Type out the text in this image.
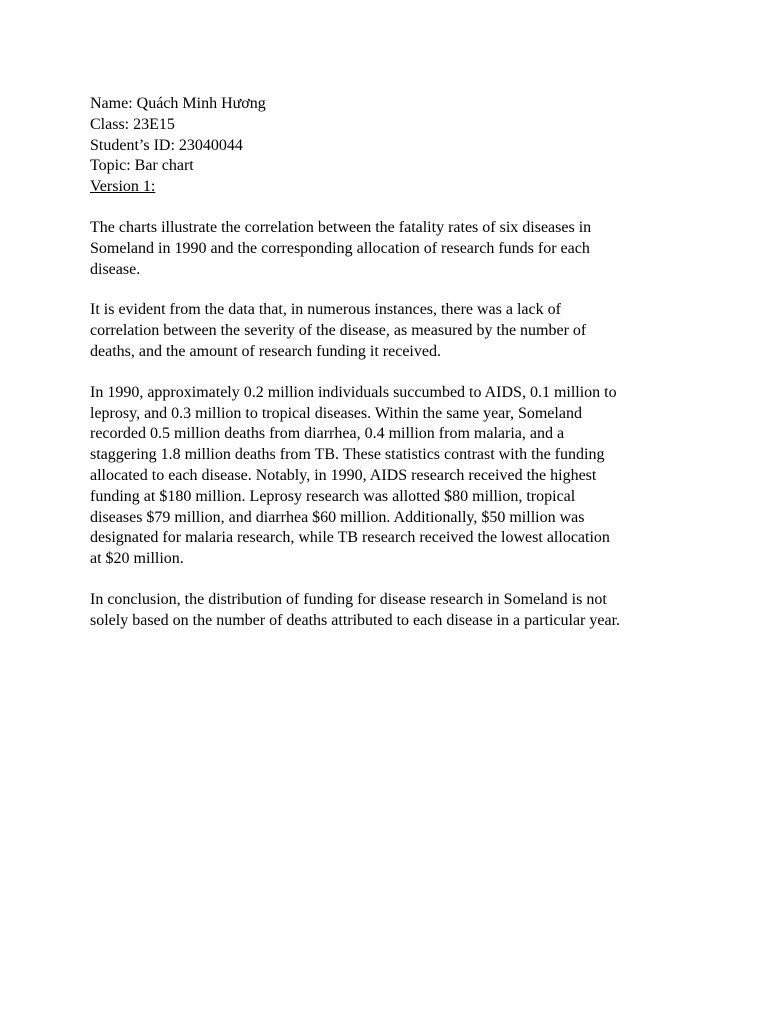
Name: Quách Minh Hương
Class: 23E15
Student’s ID: 23040044
Topic: Bar chart
Version 1:

The charts illustrate the correlation between the fatality rates of six diseases in
Someland in 1990 and the corresponding allocation of research funds for each
disease.

It is evident from the data that, in numerous instances, there was a lack of
correlation between the severity of the disease, as measured by the number of
deaths, and the amount of research funding it received.

In 1990, approximately 0.2 million individuals succumbed to AIDS, 0.1 million to
leprosy, and 0.3 million to tropical diseases. Within the same year, Someland
recorded 0.5 million deaths from diarrhea, 0.4 million from malaria, and a
staggering 1.8 million deaths from TB. These statistics contrast with the funding
allocated to each disease. Notably, in 1990, AIDS research received the highest
funding at $180 million. Leprosy research was allotted $80 million, tropical
diseases $79 million, and diarrhea $60 million. Additionally, $50 million was
designated for malaria research, while TB research received the lowest allocation
at $20 million.

In conclusion, the distribution of funding for disease research in Someland is not
solely based on the number of deaths attributed to each disease in a particular year.
